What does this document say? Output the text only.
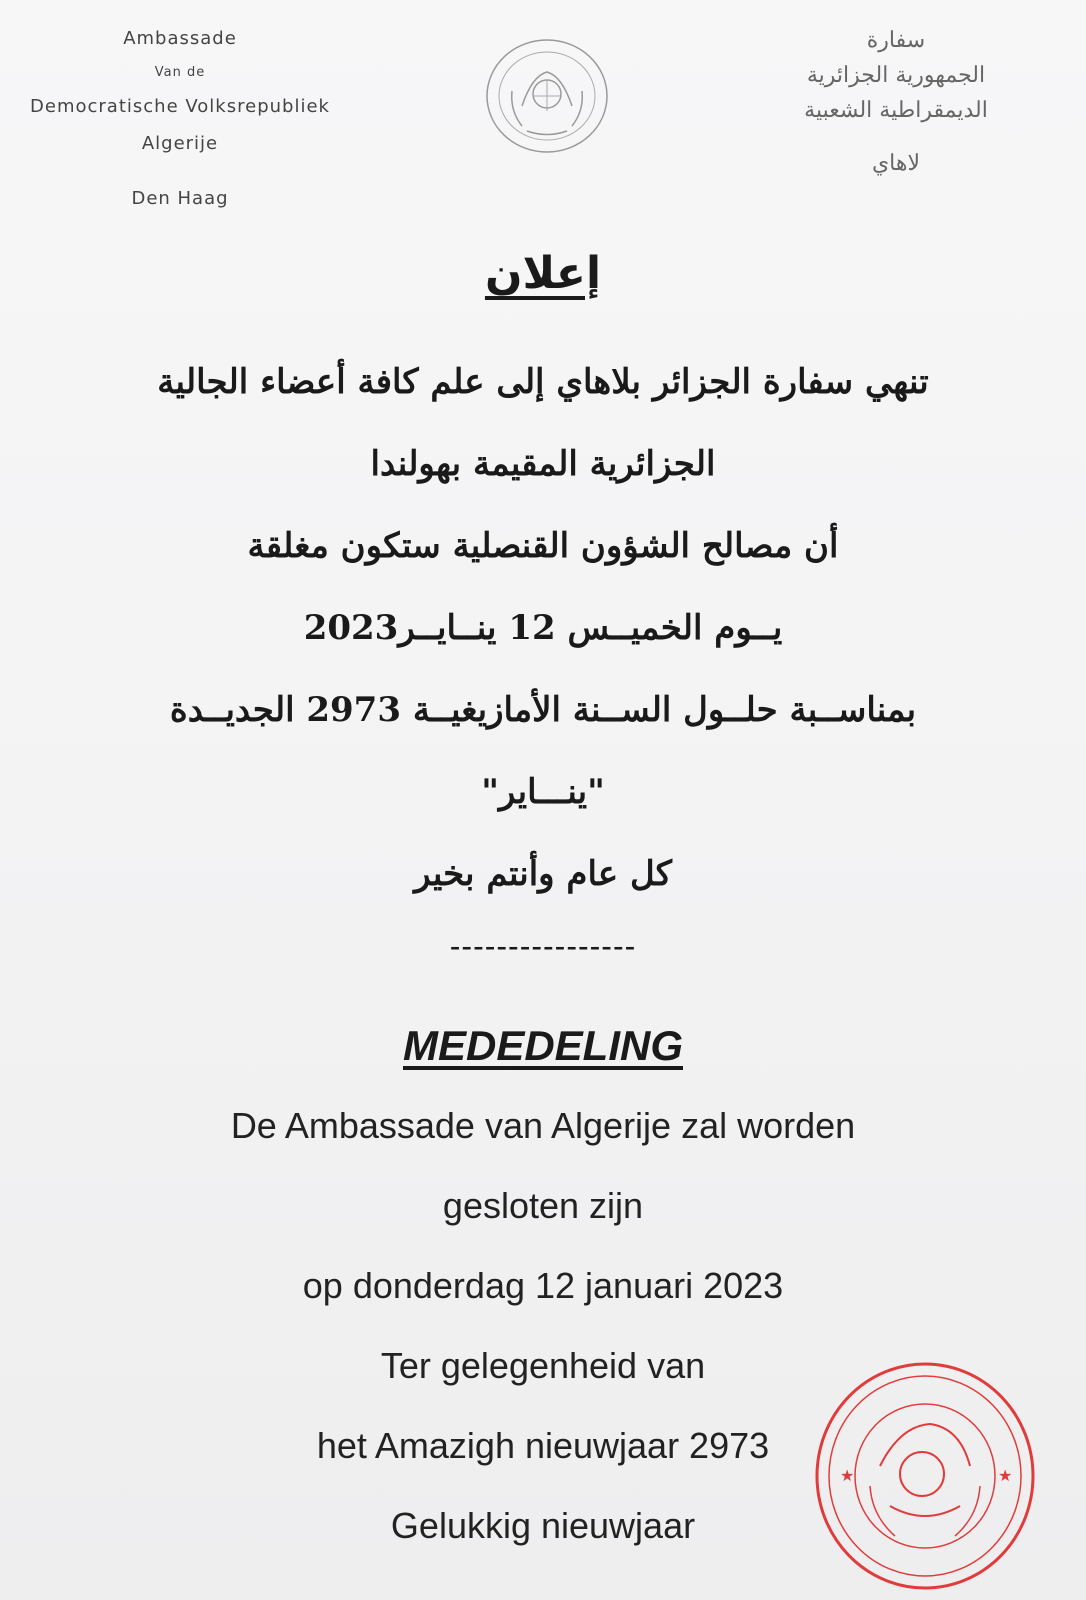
Ambassade
Van de
Democratische Volksrepubliek
Algerije
Den Haag
سفارة
الجمهورية الجزائرية
الديمقراطية الشعبية
لاهاي
إعلان
تنهي سفارة الجزائر بلاهاي إلى علم كافة أعضاء الجالية
الجزائرية المقيمة بهولندا
أن مصالح الشؤون القنصلية ستكون مغلقة
يــوم الخميــس 12 ينــايــر2023
بمناســبة حلــول الســنة الأمازيغيــة 2973 الجديــدة
"ينـــاير"
كل عام وأنتم بخير
----------------
MEDEDELING
De Ambassade van Algerije zal worden
gesloten zijn
op donderdag 12 januari 2023
Ter gelegenheid van
het Amazigh nieuwjaar 2973
Gelukkig nieuwjaar
★	★
